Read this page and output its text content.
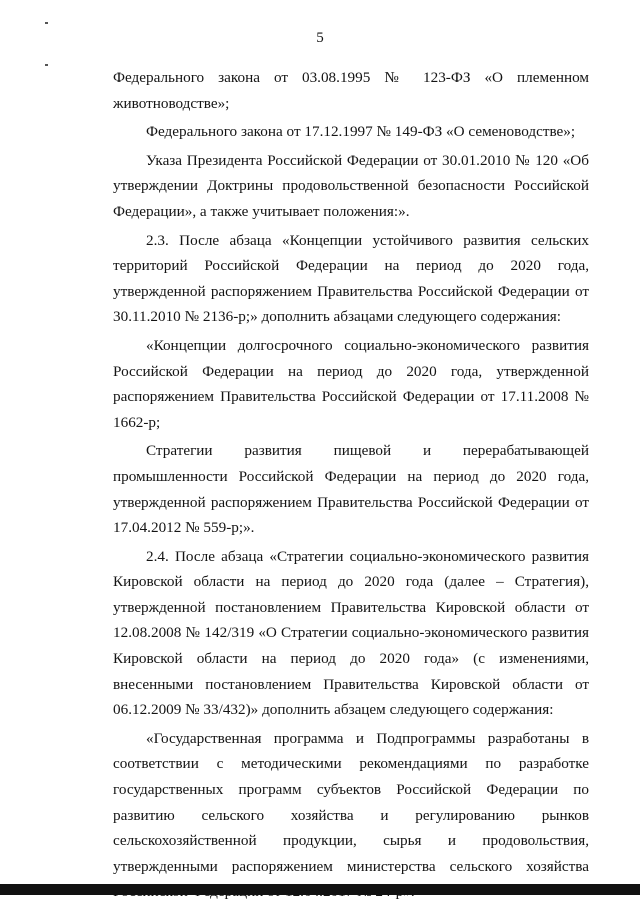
5

Федерального закона от 03.08.1995 № 123-ФЗ «О племенном животноводстве»;

Федерального закона от 17.12.1997 № 149-ФЗ «О семеноводстве»;

Указа Президента Российской Федерации от 30.01.2010 № 120 «Об утверждении Доктрины продовольственной безопасности Российской Федерации», а также учитывает положения:».

2.3. После абзаца «Концепции устойчивого развития сельских территорий Российской Федерации на период до 2020 года, утвержденной распоряжением Правительства Российской Федерации от 30.11.2010 № 2136-р;» дополнить абзацами следующего содержания:

«Концепции долгосрочного социально-экономического развития Российской Федерации на период до 2020 года, утвержденной распоряжением Правительства Российской Федерации от 17.11.2008 № 1662-р;

Стратегии развития пищевой и перерабатывающей промышленности Российской Федерации на период до 2020 года, утвержденной распоряжением Правительства Российской Федерации от 17.04.2012 № 559-р;».

2.4. После абзаца «Стратегии социально-экономического развития Кировской области на период до 2020 года (далее – Стратегия), утвержденной постановлением Правительства Кировской области от 12.08.2008 № 142/319 «О Стратегии социально-экономического развития Кировской области на период до 2020 года» (с изменениями, внесенными постановлением Правительства Кировской области от 06.12.2009 № 33/432)» дополнить абзацем следующего содержания:

«Государственная программа и Подпрограммы разработаны в соответствии с методическими рекомендациями по разработке государственных программ субъектов Российской Федерации по развитию сельского хозяйства и регулированию рынков сельскохозяйственной продукции, сырья и продовольствия, утвержденными распоряжением министерства сельского хозяйства
